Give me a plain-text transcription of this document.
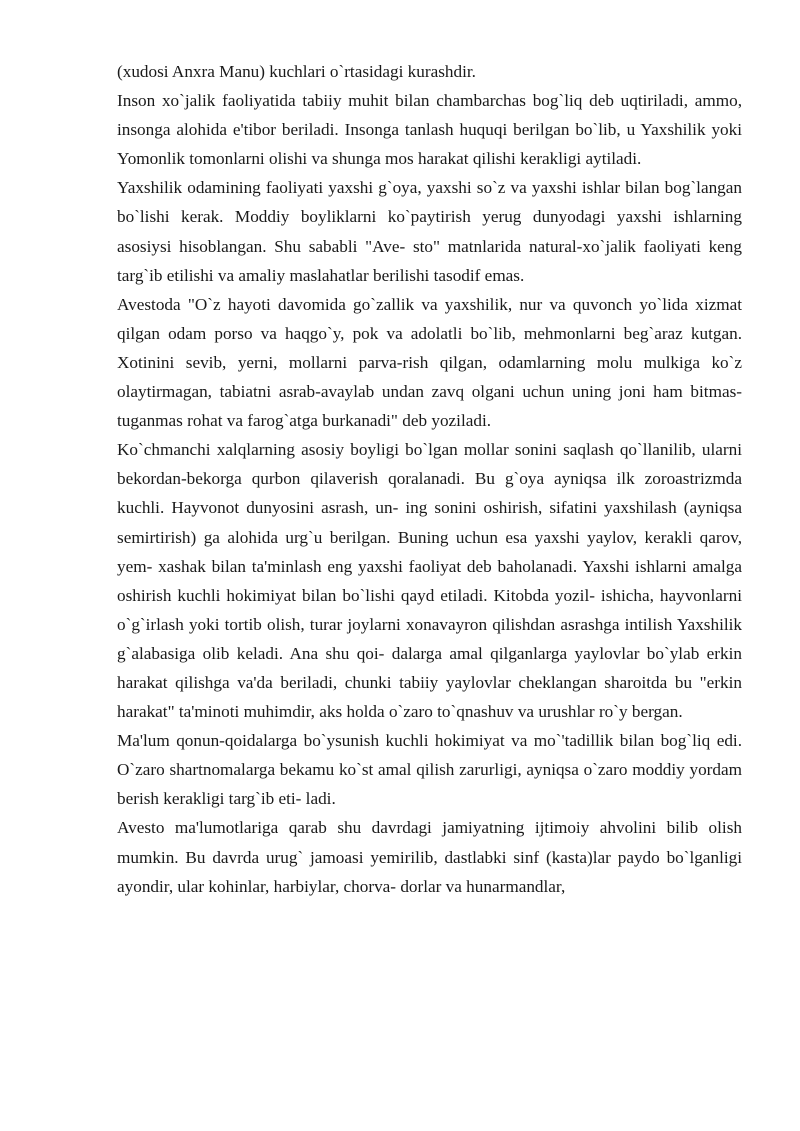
(xudosi Anxra Manu) kuchlari o`rtasidagi kurashdir.

Inson xo`jalik faoliyatida tabiiy muhit bilan chambarchas bog`liq deb uqtiriladi, ammo, insonga alohida e'tibor beriladi. Insonga tanlash huquqi berilgan bo`lib, u Yaxshilik yoki Yomonlik tomonlarni olishi va shunga mos harakat qilishi kerakligi aytiladi.

Yaxshilik odamining faoliyati yaxshi g`oya, yaxshi so`z va yaxshi ishlar bilan bog`langan bo`lishi kerak. Moddiy boyliklarni ko`paytirish yerug dunyodagi yaxshi ishlarning asosiysi hisoblangan. Shu sababli "Ave- sto" matnlarida natural-xo`jalik faoliyati keng targ`ib etilishi va amaliy maslahatlar berilishi tasodif emas.

Avestoda "O`z hayoti davomida go`zallik va yaxshilik, nur va quvonch yo`lida xizmat qilgan odam porso va haqgo`y, pok va adolatli bo`lib, mehmonlarni beg`araz kutgan. Xotinini sevib, yerni, mollarni parva-rish qilgan, odamlarning molu mulkiga ko`z olaytirmagan, tabiatni asrab-avaylab undan zavq olgani uchun uning joni ham bitmas-tuganmas rohat va farog`atga burkanadi" deb yoziladi.

Ko`chmanchi xalqlarning asosiy boyligi bo`lgan mollar sonini saqlash qo`llanilib, ularni bekordan-bekorga qurbon qilaverish qoralanadi. Bu g`oya ayniqsa ilk zoroastrizmda kuchli. Hayvonot dunyosini asrash, un- ing sonini oshirish, sifatini yaxshilash (ayniqsa semirtirish) ga alohida urg`u berilgan. Buning uchun esa yaxshi yaylov, kerakli qarov, yem- xashak bilan ta'minlash eng yaxshi faoliyat deb baholanadi. Yaxshi ishlarni amalga oshirish kuchli hokimiyat bilan bo`lishi qayd etiladi. Kitobda yozil- ishicha, hayvonlarni o`g`irlash yoki tortib olish, turar joylarni xonavayron qilishdan asrashga intilish Yaxshilik g`alabasiga olib keladi. Ana shu qoi- dalarga amal qilganlarga yaylovlar bo`ylab erkin harakat qilishga va'da beriladi, chunki tabiiy yaylovlar cheklangan sharoitda bu "erkin harakat" ta'minoti muhimdir, aks holda o`zaro to`qnashuv va urushlar ro`y bergan.

Ma'lum qonun-qoidalarga bo`ysunish kuchli hokimiyat va mo`'tadillik bilan bog`liq edi. O`zaro shartnomalarga bekamu ko`st amal qilish zarurligi, ayniqsa o`zaro moddiy yordam berish kerakligi targ`ib eti- ladi.

Avesto ma'lumotlariga qarab shu davrdagi jamiyatning ijtimoiy ahvolini bilib olish mumkin. Bu davrda urug` jamoasi yemirilib, dastlabki sinf (kasta)lar paydo bo`lganligi ayondir, ular kohinlar, harbiylar, chorva- dorlar va hunarmandlar,
